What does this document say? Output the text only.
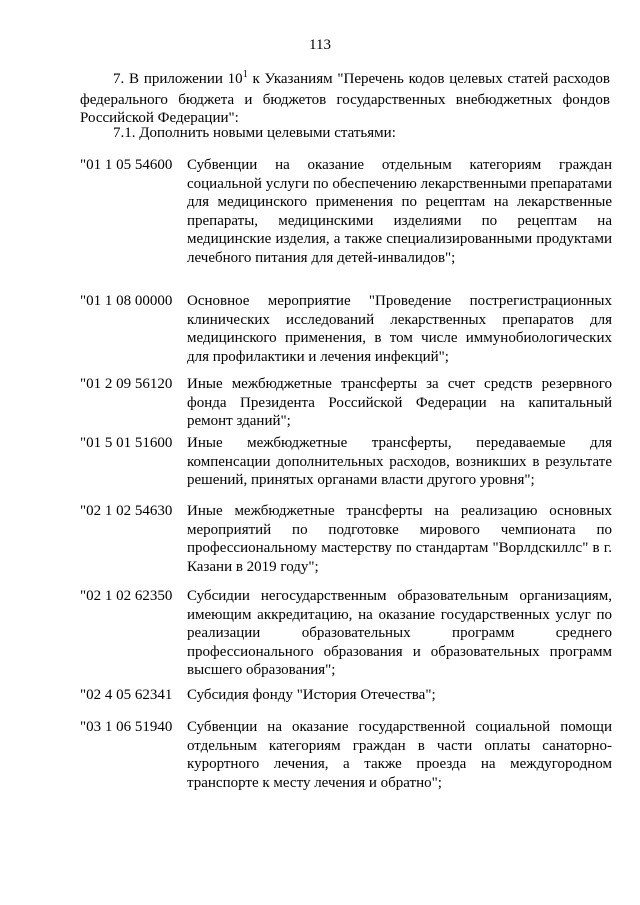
113
7. В приложении $10^1$ к Указаниям "Перечень кодов целевых статей расходов федерального бюджета и бюджетов государственных внебюджетных фондов Российской Федерации":
7.1. Дополнить новыми целевыми статьями:
"01 1 05 54600 Субвенции на оказание отдельным категориям граждан социальной услуги по обеспечению лекарственными препаратами для медицинского применения по рецептам на лекарственные препараты, медицинскими изделиями по рецептам на медицинские изделия, а также специализированными продуктами лечебного питания для детей-инвалидов";
"01 1 08 00000 Основное мероприятие "Проведение пострегистрационных клинических исследований лекарственных препаратов для медицинского применения, в том числе иммунобиологических для профилактики и лечения инфекций";
"01 2 09 56120 Иные межбюджетные трансферты за счет средств резервного фонда Президента Российской Федерации на капитальный ремонт зданий";
"01 5 01 51600 Иные межбюджетные трансферты, передаваемые для компенсации дополнительных расходов, возникших в результате решений, принятых органами власти другого уровня";
"02 1 02 54630 Иные межбюджетные трансферты на реализацию основных мероприятий по подготовке мирового чемпионата по профессиональному мастерству по стандартам "Ворлдскиллс" в г. Казани в 2019 году";
"02 1 02 62350 Субсидии негосударственным образовательным организациям, имеющим аккредитацию, на оказание государственных услуг по реализации образовательных программ среднего профессионального образования и образовательных программ высшего образования";
"02 4 05 62341 Субсидия фонду "История Отечества";
"03 1 06 51940 Субвенции на оказание государственной социальной помощи отдельным категориям граждан в части оплаты санаторно-курортного лечения, а также проезда на междугородном транспорте к месту лечения и обратно";
